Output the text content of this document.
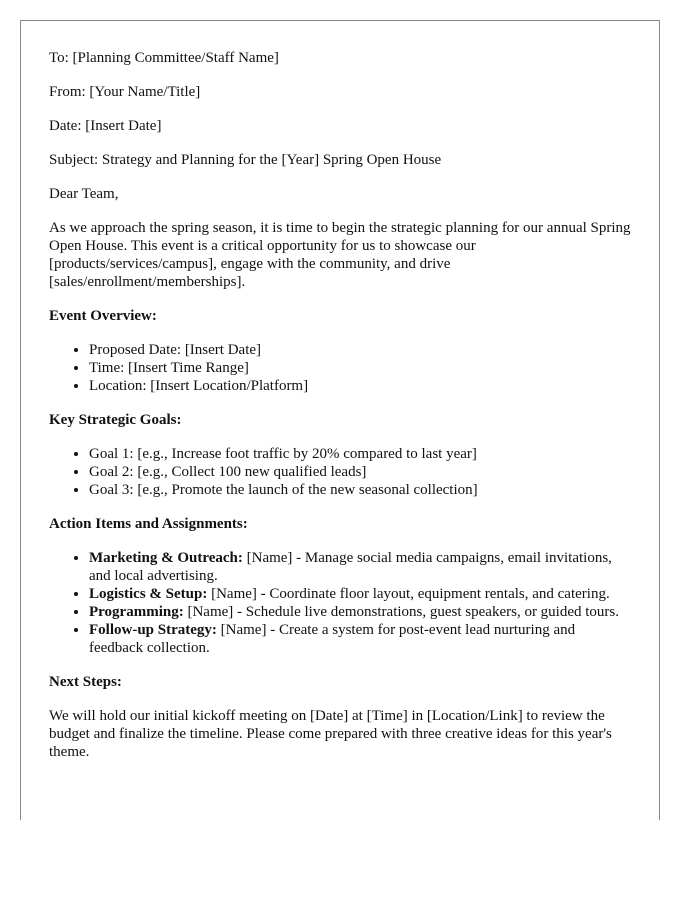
To: [Planning Committee/Staff Name]

From: [Your Name/Title]

Date: [Insert Date]

Subject: Strategy and Planning for the [Year] Spring Open House

Dear Team,

As we approach the spring season, it is time to begin the strategic planning for our annual Spring Open House. This event is a critical opportunity for us to showcase our [products/services/campus], engage with the community, and drive [sales/enrollment/memberships].

Event Overview:

• Proposed Date: [Insert Date]
• Time: [Insert Time Range]
• Location: [Insert Location/Platform]

Key Strategic Goals:

• Goal 1: [e.g., Increase foot traffic by 20% compared to last year]
• Goal 2: [e.g., Collect 100 new qualified leads]
• Goal 3: [e.g., Promote the launch of the new seasonal collection]

Action Items and Assignments:

• Marketing & Outreach: [Name] - Manage social media campaigns, email invitations, and local advertising.
• Logistics & Setup: [Name] - Coordinate floor layout, equipment rentals, and catering.
• Programming: [Name] - Schedule live demonstrations, guest speakers, or guided tours.
• Follow-up Strategy: [Name] - Create a system for post-event lead nurturing and feedback collection.

Next Steps:

We will hold our initial kickoff meeting on [Date] at [Time] in [Location/Link] to review the budget and finalize the timeline. Please come prepared with three creative ideas for this year's theme.
